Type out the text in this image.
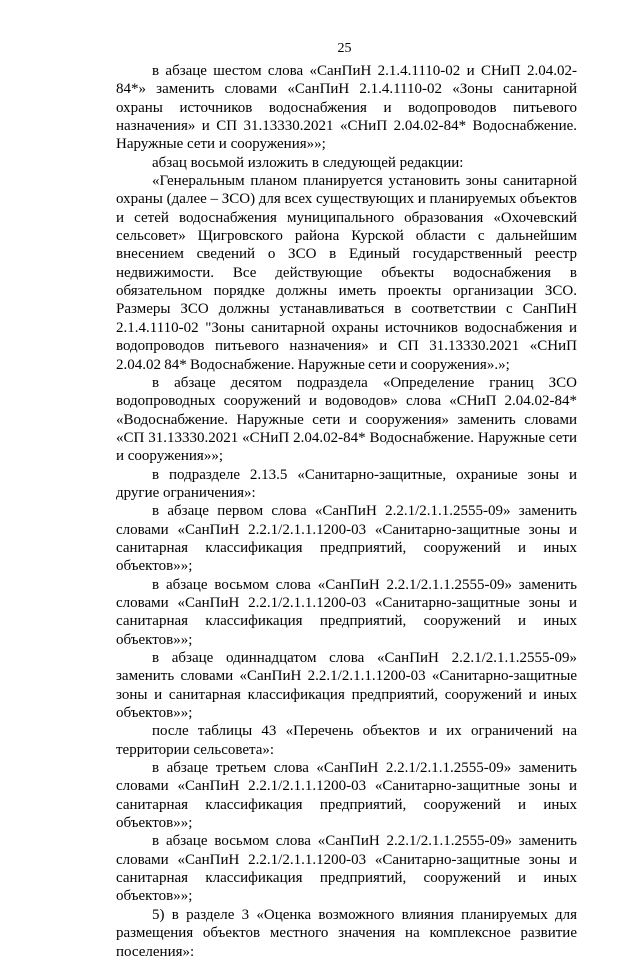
25

в абзаце шестом слова «СанПиН 2.1.4.1110-02 и СНиП 2.04.02-84*» заменить словами «СанПиН 2.1.4.1110-02 «Зоны санитарной охраны источников водоснабжения и водопроводов питьевого назначения» и СП 31.13330.2021 «СНиП 2.04.02-84* Водоснабжение. Наружные сети и сооружения»»;

абзац восьмой изложить в следующей редакции:

«Генеральным планом планируется установить зоны санитарной охраны (далее – ЗСО) для всех существующих и планируемых объектов и сетей водоснабжения муниципального образования «Охочевский сельсовет» Щигровского района Курской области с дальнейшим внесением сведений о ЗСО в Единый государственный реестр недвижимости. Все действующие объекты водоснабжения в обязательном порядке должны иметь проекты организации ЗСО. Размеры ЗСО должны устанавливаться в соответствии с СанПиН 2.1.4.1110-02 "Зоны санитарной охраны источников водоснабжения и водопроводов питьевого назначения» и СП 31.13330.2021 «СНиП 2.04.02 84* Водоснабжение. Наружные сети и сооружения».»;

в абзаце десятом подраздела «Определение границ ЗСО водопроводных сооружений и водоводов» слова «СНиП 2.04.02-84* «Водоснабжение. Наружные сети и сооружения» заменить словами «СП 31.13330.2021 «СНиП 2.04.02-84* Водоснабжение. Наружные сети и сооружения»»;

в подразделе 2.13.5 «Санитарно-защитные, охраниые зоны и другие ограничения»:

в абзаце первом слова «СанПиН 2.2.1/2.1.1.2555-09» заменить словами «СанПиН 2.2.1/2.1.1.1200-03 «Санитарно-защитные зоны и санитарная классификация предприятий, сооружений и иных объектов»»;

в абзаце восьмом слова «СанПиН 2.2.1/2.1.1.2555-09» заменить словами «СанПиН 2.2.1/2.1.1.1200-03 «Санитарно-защитные зоны и санитарная классификация предприятий, сооружений и иных объектов»»;

в абзаце одиннадцатом слова «СанПиН 2.2.1/2.1.1.2555-09» заменить словами «СанПиН 2.2.1/2.1.1.1200-03 «Санитарно-защитные зоны и санитарная классификация предприятий, сооружений и иных объектов»»;

после таблицы 43 «Перечень объектов и их ограничений на территории сельсовета»:

в абзаце третьем слова «СанПиН 2.2.1/2.1.1.2555-09» заменить словами «СанПиН 2.2.1/2.1.1.1200-03 «Санитарно-защитные зоны и санитарная классификация предприятий, сооружений и иных объектов»»;

в абзаце восьмом слова «СанПиН 2.2.1/2.1.1.2555-09» заменить словами «СанПиН 2.2.1/2.1.1.1200-03 «Санитарно-защитные зоны и санитарная классификация предприятий, сооружений и иных объектов»»;

5) в разделе 3 «Оценка возможного влияния планируемых для размещения объектов местного значения на комплексное развитие поселения»:
